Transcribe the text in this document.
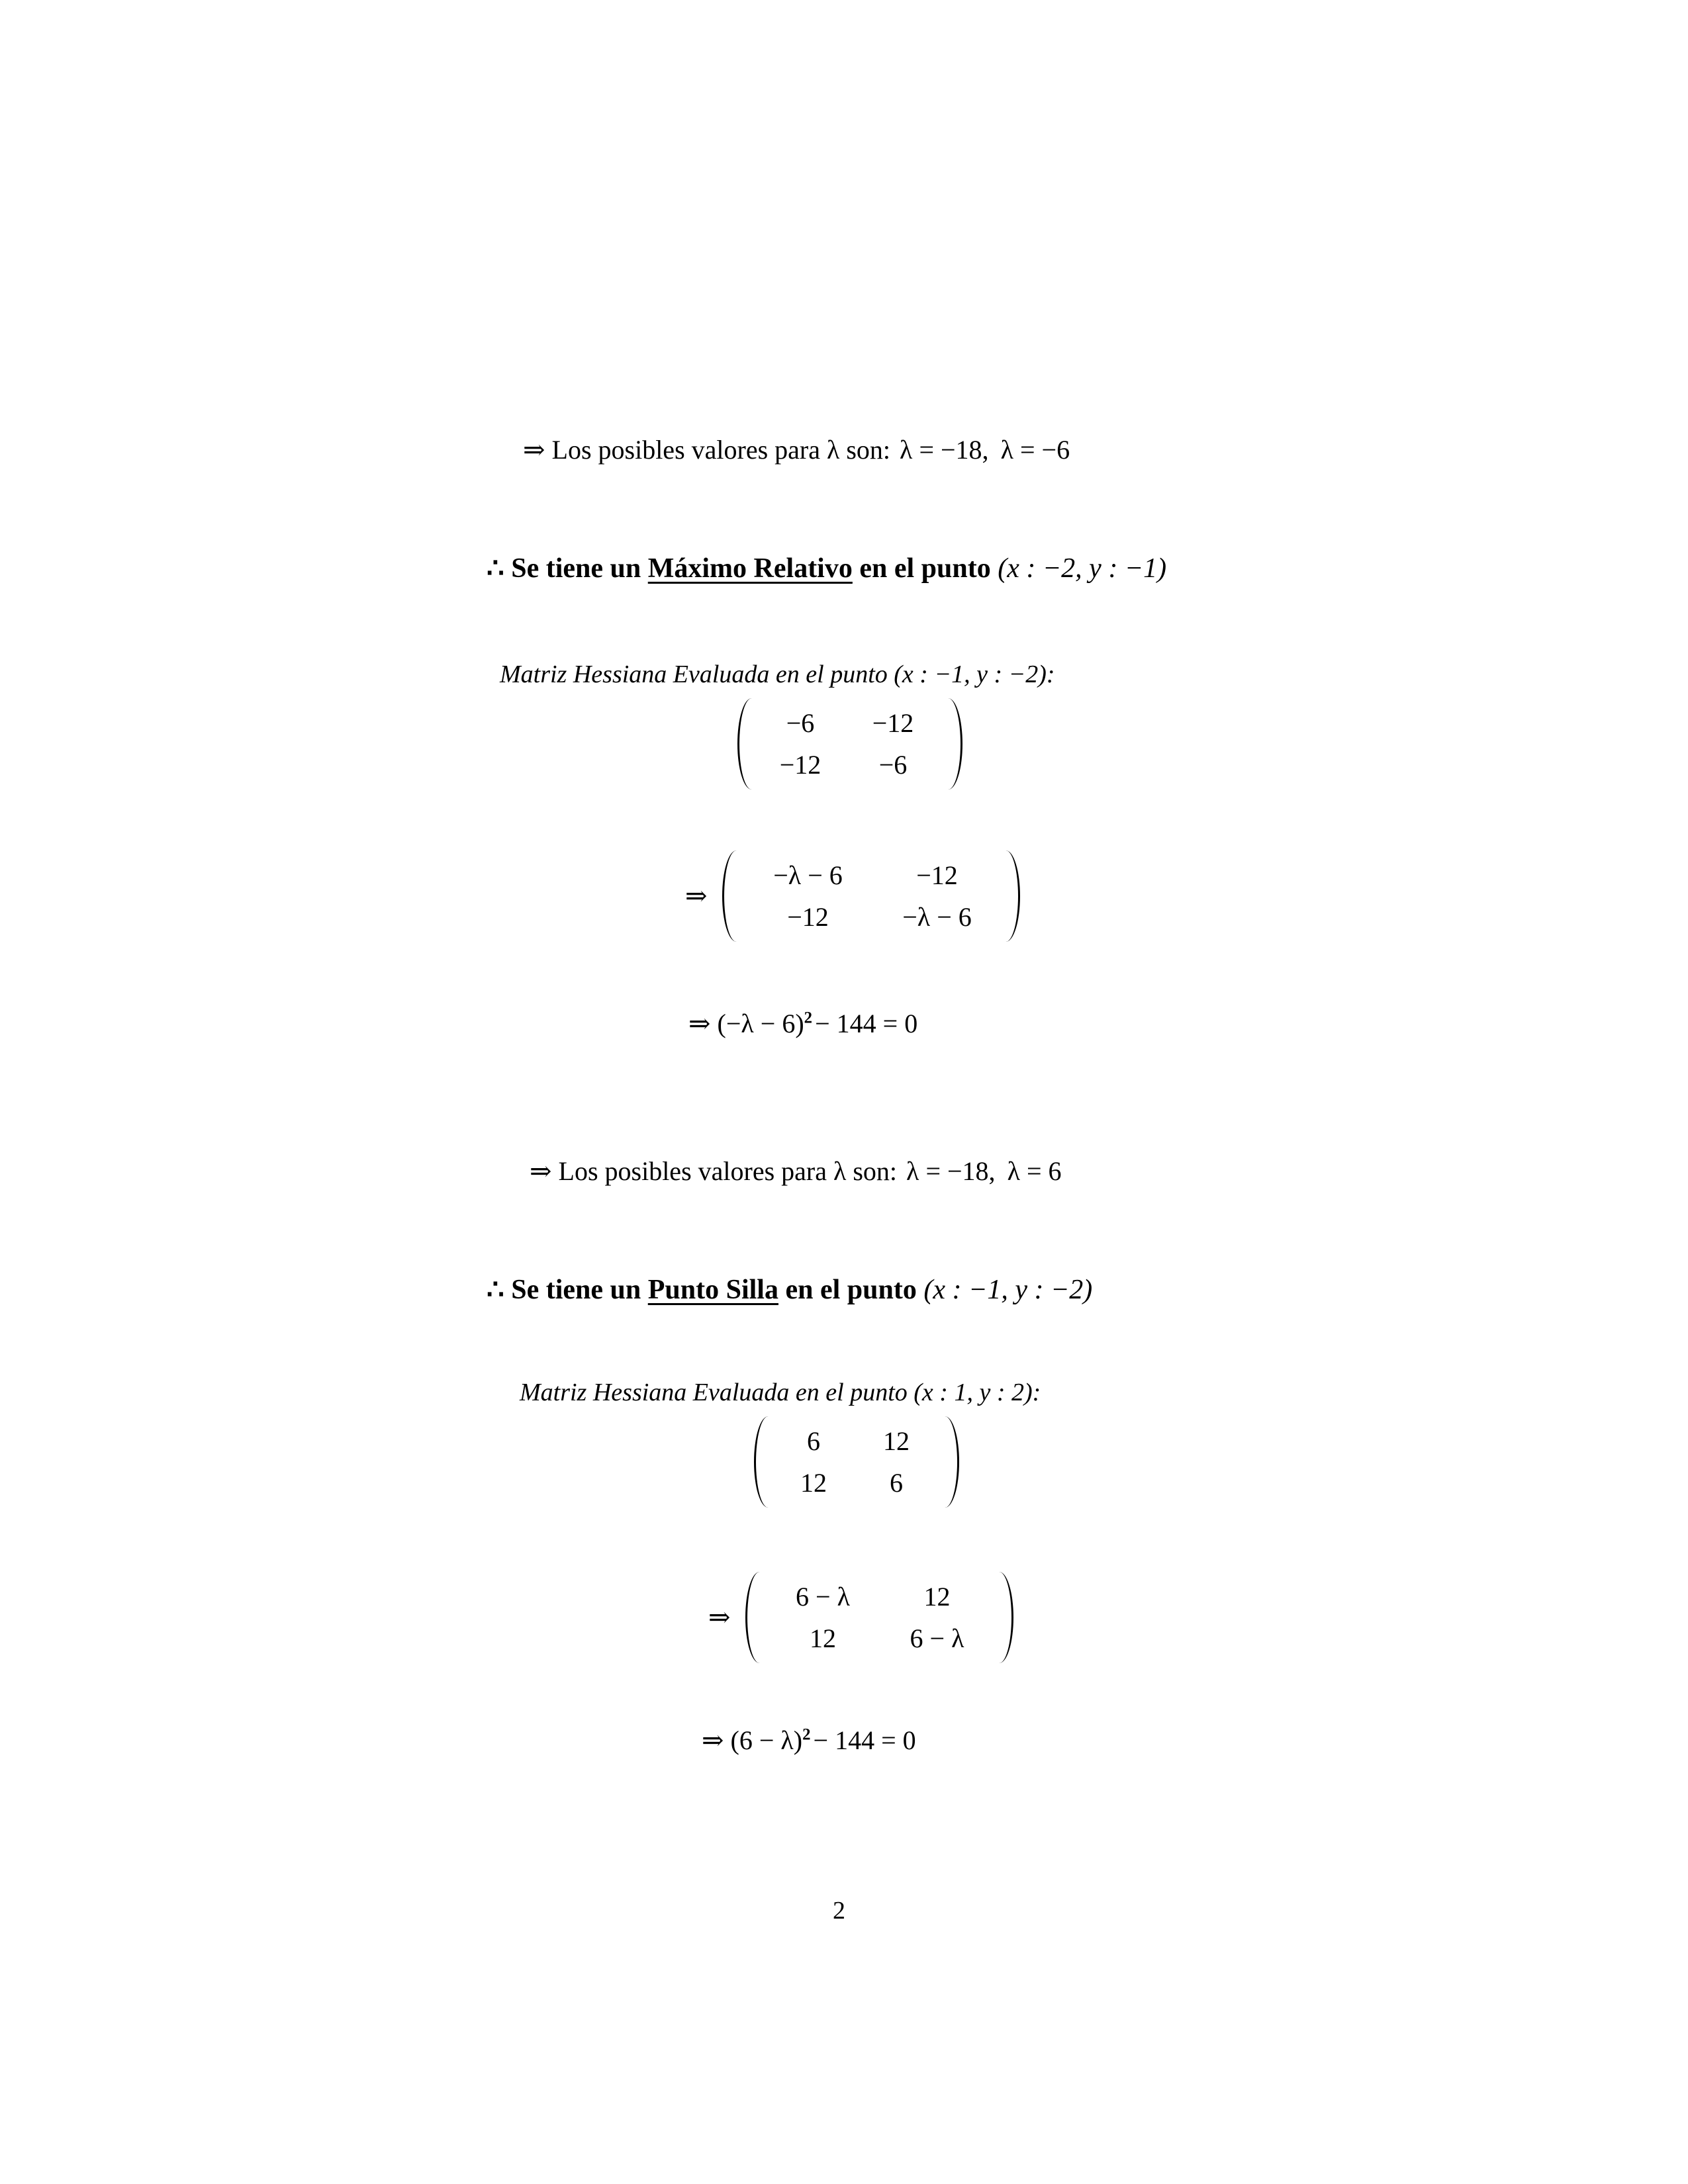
⇒ Los posibles valores para λ son: λ = −18, λ = −6
∴ Se tiene un Máximo Relativo en el punto (x : −2, y : −1)
Matriz Hessiana Evaluada en el punto (x : −1, y : −2):
−6 −12
−12 −6
⇒
−λ − 6	−12
−12	−λ − 6
⇒ $(-\lambda - 6)^2 - 144 = 0$
⇒ Los posibles valores para λ son: λ = −18, λ = 6
∴ Se tiene un Punto Silla en el punto (x : −1, y : −2)
Matriz Hessiana Evaluada en el punto (x : 1, y : 2):
6 12
12 6
⇒
6 − λ	12
12	6 − λ
⇒ $(6 - \lambda)^2 - 144 = 0$
2
